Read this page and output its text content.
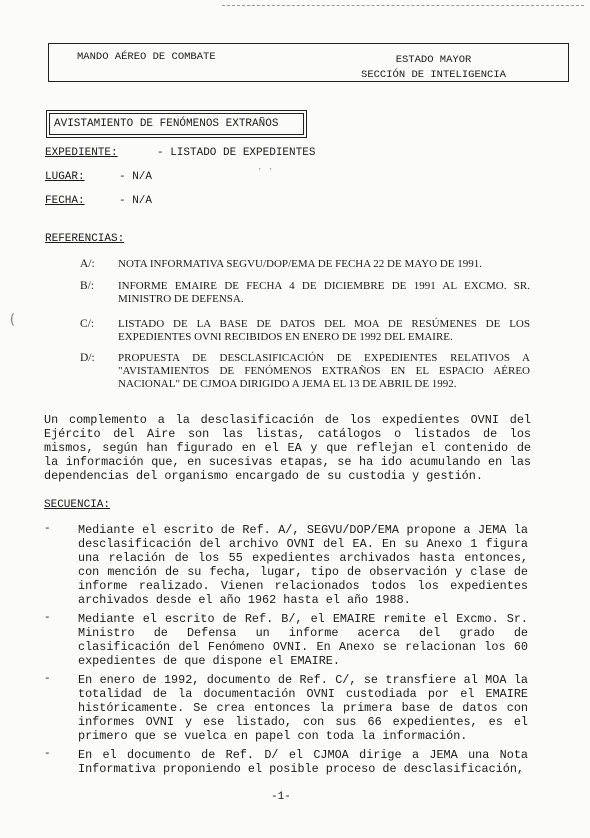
MANDO AÉREO DE COMBATE	ESTADO MAYOR
SECCIÓN DE INTELIGENCIA
AVISTAMIENTO DE FENÓMENOS EXTRAÑOS
EXPEDIENTE:	- LISTADO DE EXPEDIENTES
· ·
LUGAR:	- N/A
FECHA:	- N/A
REFERENCIAS:
A/: NOTA INFORMATIVA SEGVU/DOP/EMA DE FECHA 22 DE MAYO DE 1991.
B/: INFORME EMAIRE DE FECHA 4 DE DICIEMBRE DE 1991 AL EXCMO. SR. MINISTRO DE DEFENSA.
(	C/: LISTADO DE LA BASE DE DATOS DEL MOA DE RESÚMENES DE LOS EXPEDIENTES OVNI RECIBIDOS EN ENERO DE 1992 DEL EMAIRE.
D/: PROPUESTA DE DESCLASIFICACIÓN DE EXPEDIENTES RELATIVOS A "AVISTAMIENTOS DE FENÓMENOS EXTRAÑOS EN EL ESPACIO AÉREO NACIONAL" DE CJMOA DIRIGIDO A JEMA EL 13 DE ABRIL DE 1992.
Un complemento a la desclasificación de los expedientes OVNI del Ejército del Aire son las listas, catálogos o listados de los mismos, según han figurado en el EA y que reflejan el contenido de la información que, en sucesivas etapas, se ha ido acumulando en las dependencias del organismo encargado de su custodia y gestión.
SECUENCIA:
- Mediante el escrito de Ref. A/, SEGVU/DOP/EMA propone a JEMA la desclasificación del archivo OVNI del EA. En su Anexo 1 figura una relación de los 55 expedientes archivados hasta entonces, con mención de su fecha, lugar, tipo de observación y clase de informe realizado. Vienen relacionados todos los expedientes archivados desde el año 1962 hasta el año 1988.
- Mediante el escrito de Ref. B/, el EMAIRE remite el Excmo. Sr. Ministro de Defensa un informe acerca del grado de clasificación del Fenómeno OVNI. En Anexo se relacionan los 60 expedientes de que dispone el EMAIRE.
- En enero de 1992, documento de Ref. C/, se transfiere al MOA la totalidad de la documentación OVNI custodiada por el EMAIRE históricamente. Se crea entonces la primera base de datos con informes OVNI y ese listado, con sus 66 expedientes, es el primero que se vuelca en papel con toda la información.
- En el documento de Ref. D/ el CJMOA dirige a JEMA una Nota Informativa proponiendo el posible proceso de desclasificación,
-1-
